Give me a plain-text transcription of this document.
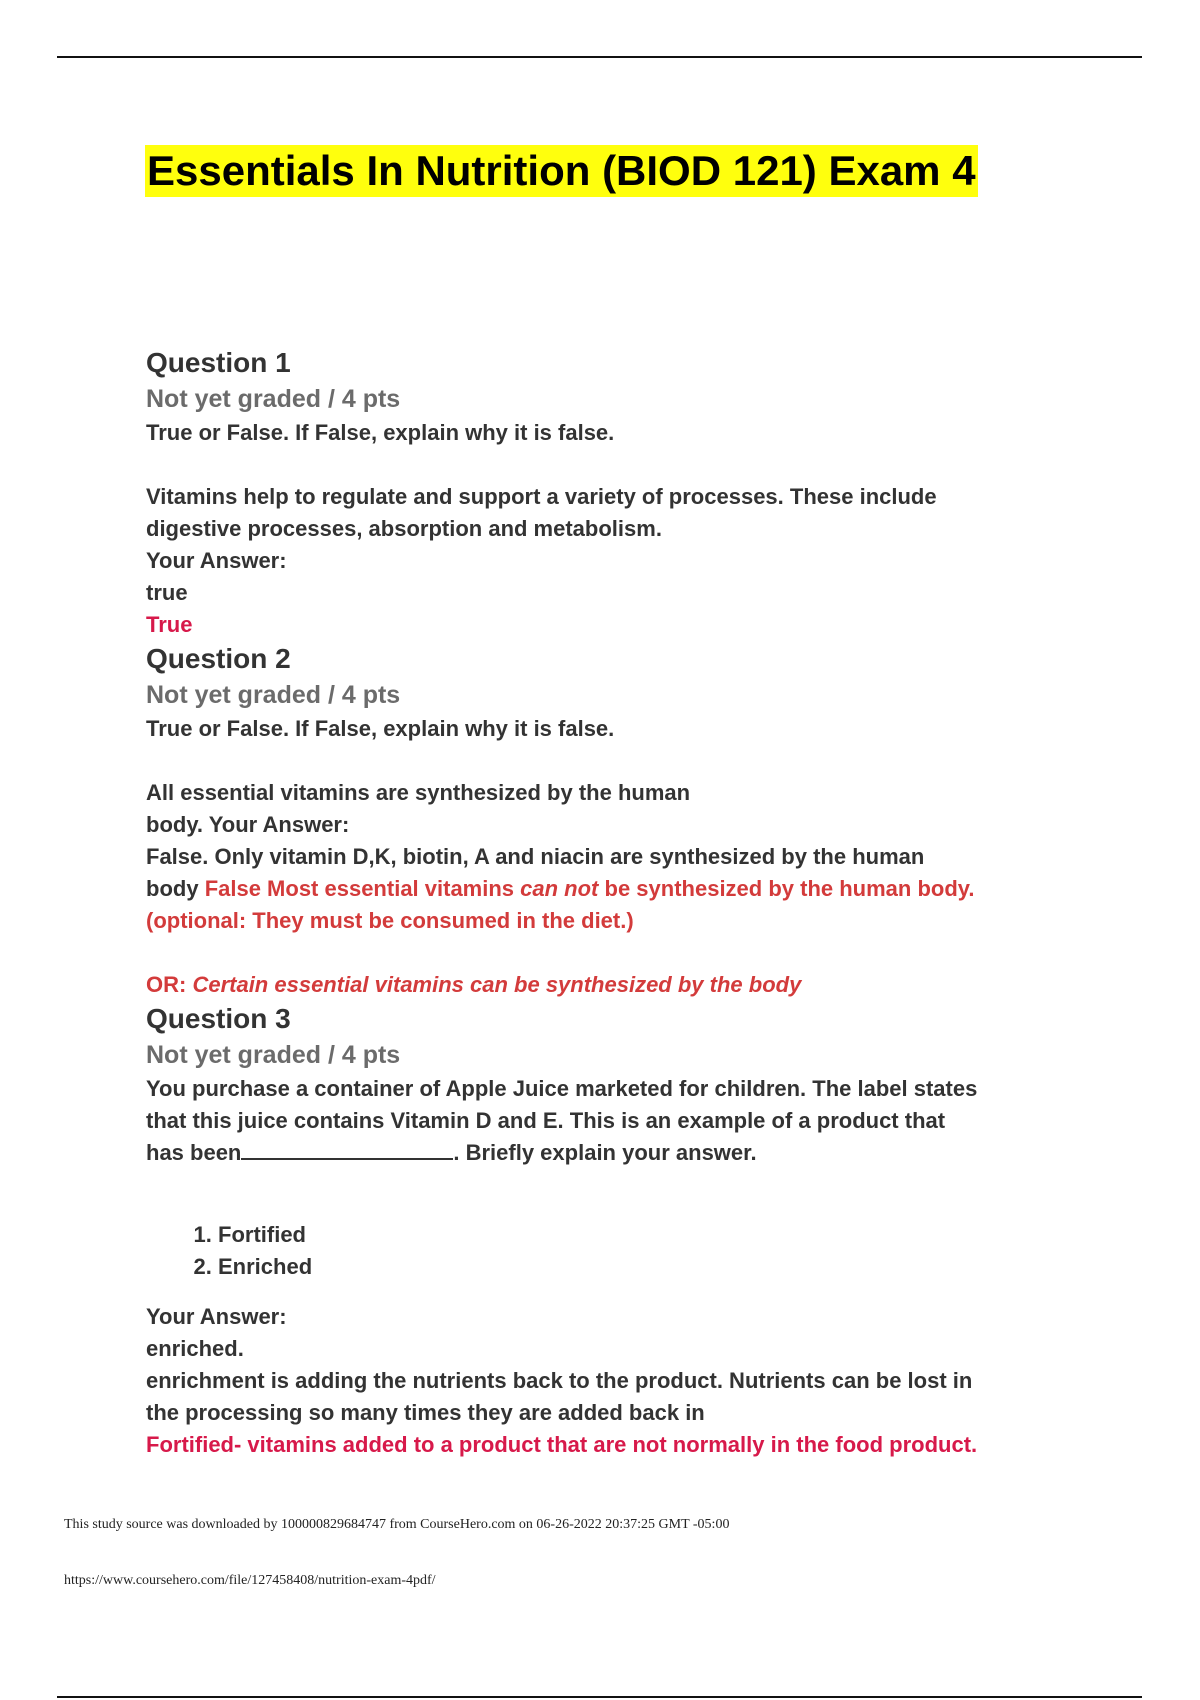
Essentials In Nutrition (BIOD 121) Exam 4

Question 1

Not yet graded / 4 pts

True or False. If False, explain why it is false.

Vitamins help to regulate and support a variety of processes. These include

digestive processes, absorption and metabolism.

Your Answer:

true

True

Question 2

Not yet graded / 4 pts

True or False. If False, explain why it is false.

All essential vitamins are synthesized by the human

body. Your Answer:

False. Only vitamin D,K, biotin, A and niacin are synthesized by the human

body False Most essential vitamins can not be synthesized by the human body.

(optional: They must be consumed in the diet.)

OR: Certain essential vitamins can be synthesized by the body

Question 3

Not yet graded / 4 pts

You purchase a container of Apple Juice marketed for children. The label states

that this juice contains Vitamin D and E. This is an example of a product that

has been	. Briefly explain your answer.

1. Fortified
2. Enriched

Your Answer:

enriched.

enrichment is adding the nutrients back to the product. Nutrients can be lost in

the processing so many times they are added back in

Fortified- vitamins added to a product that are not normally in the food product.

This study source was downloaded by 100000829684747 from CourseHero.com on 06-26-2022 20:37:25 GMT -05:00
https://www.coursehero.com/file/127458408/nutrition-exam-4pdf/
